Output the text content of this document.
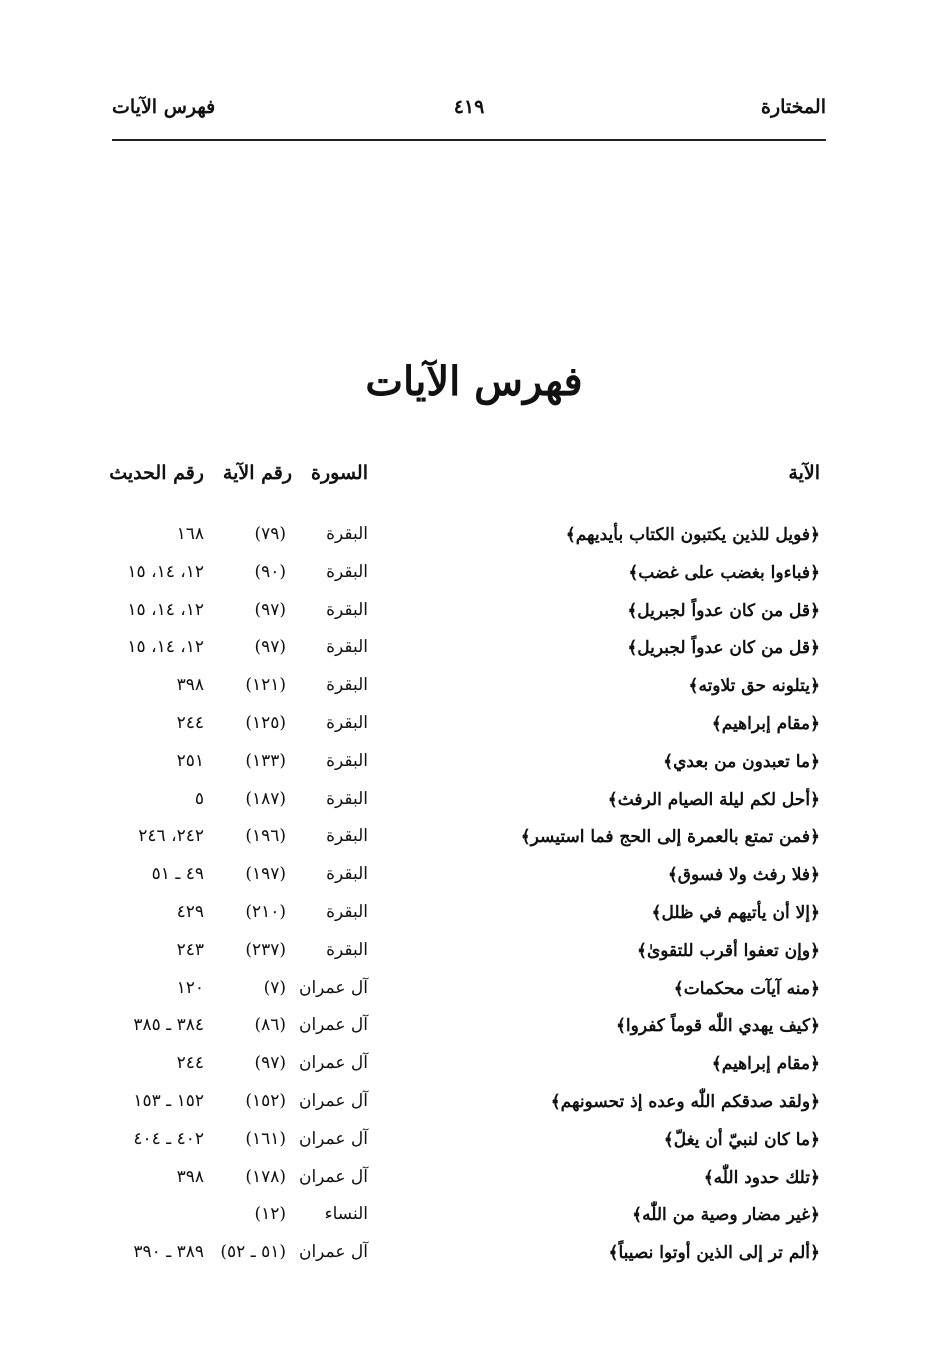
المختارة
٤١٩
فهرس الآيات
فهرس الآيات
الآية
السورة
رقم الآية
رقم الحديث
﴿فويل للذين يكتبون الكتاب بأيديهم﴾
البقرة
(٧٩)
١٦٨
﴿فباءوا بغضب على غضب﴾
البقرة
(٩٠)
١٢، ١٤، ١٥
﴿قل من كان عدواً لجبريل﴾
البقرة
(٩٧)
١٢، ١٤، ١٥
﴿قل من كان عدواً لجبريل﴾
البقرة
(٩٧)
١٢، ١٤، ١٥
﴿يتلونه حق تلاوته﴾
البقرة
(١٢١)
٣٩٨
﴿مقام إبراهيم﴾
البقرة
(١٢٥)
٢٤٤
﴿ما تعبدون من بعدي﴾
البقرة
(١٣٣)
٢٥١
﴿أحل لكم ليلة الصيام الرفث﴾
البقرة
(١٨٧)
٥
﴿فمن تمتع بالعمرة إلى الحج فما استيسر﴾
البقرة
(١٩٦)
٢٤٢، ٢٤٦
﴿فلا رفث ولا فسوق﴾
البقرة
(١٩٧)
٤٩ ـ ٥١
﴿إلا أن يأتيهم في ظلل﴾
البقرة
(٢١٠)
٤٢٩
﴿وإن تعفوا أقرب للتقوىٰ﴾
البقرة
(٢٣٧)
٢٤٣
﴿منه آيآت محكمات﴾
آل عمران
(٧)
١٢٠
﴿كيف يهدي اللّٰه قوماً كفروا﴾
آل عمران
(٨٦)
٣٨٤ ـ ٣٨٥
﴿مقام إبراهيم﴾
آل عمران
(٩٧)
٢٤٤
﴿ولقد صدقكم اللّٰه وعده إذ تحسونهم﴾
آل عمران
(١٥٢)
١٥٢ ـ ١٥٣
﴿ما كان لنبيّ أن يغلّ﴾
آل عمران
(١٦١)
٤٠٢ ـ ٤٠٤
﴿تلك حدود اللّٰه﴾
آل عمران
(١٧٨)
٣٩٨
﴿غير مضار وصية من اللّٰه﴾
النساء
(١٢)
﴿ألم تر إلى الذين أوتوا نصيباً﴾
آل عمران
(٥١ ـ ٥٢)
٣٨٩ ـ ٣٩٠
